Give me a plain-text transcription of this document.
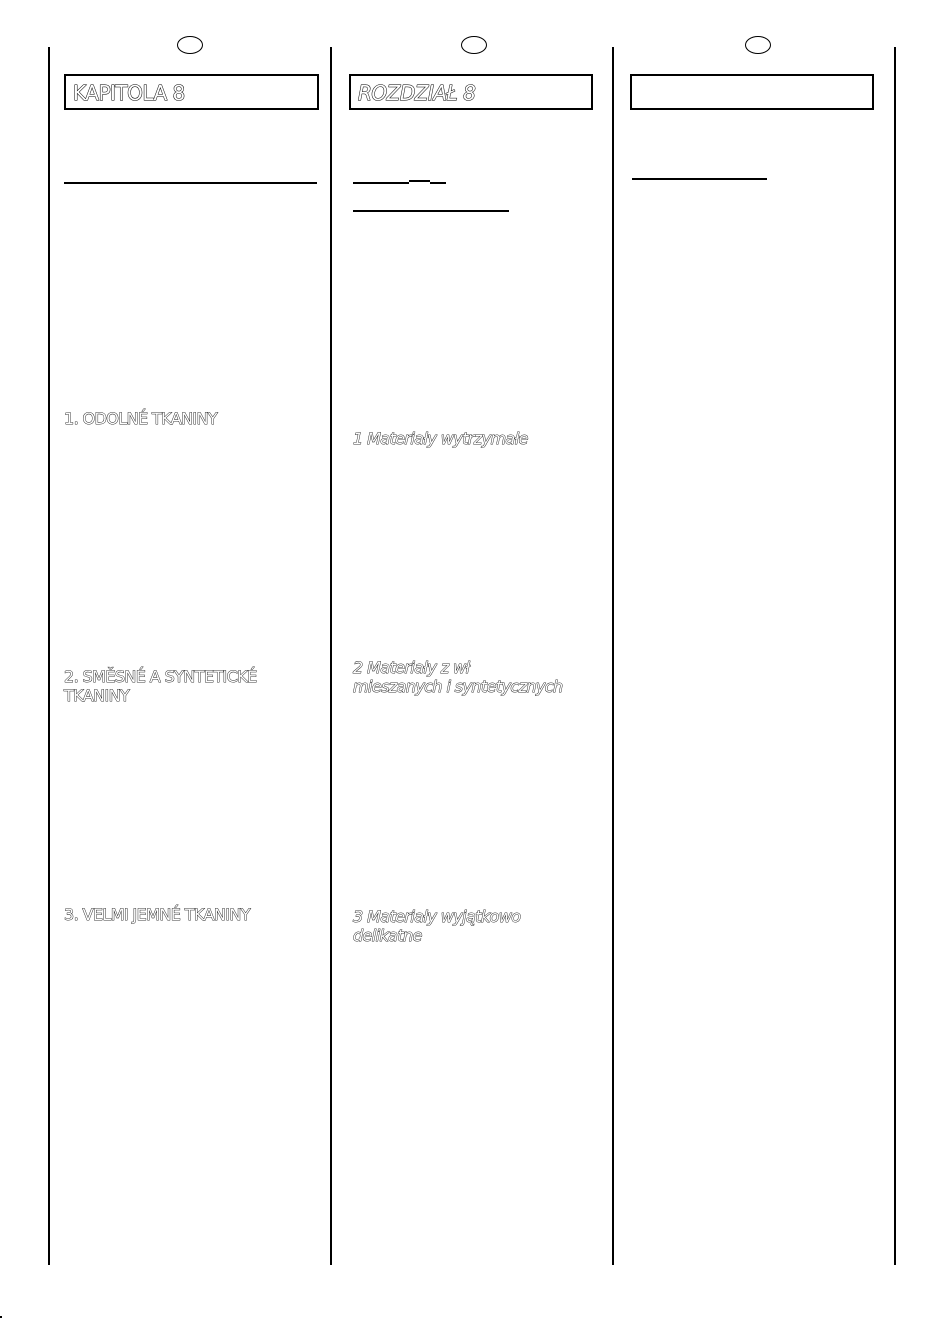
KAPITOLA 8	ROZDZIAŁ 8
1. ODOLNÉ TKANINY
2. SMĚSNÉ A SYNTETICKÉ
TKANINY
3. VELMI JEMNÉ TKANINY
1 Materiały wytrzymałe
2 Materiały z wł
mieszanych i syntetycznych
3 Materiały wyjątkowo
delikatne
